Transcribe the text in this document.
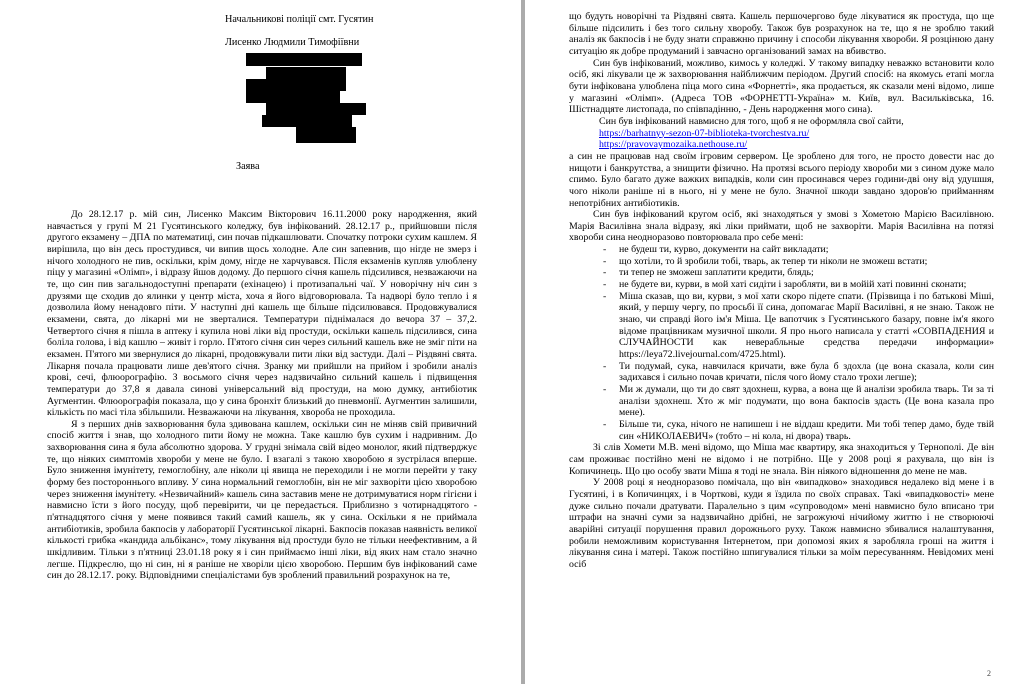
Начальникові поліції смт. Гусятин
Лисенко Людмили Тимофіївни
Заява

До 28.12.17 р. мій син, Лисенко Максим Вікторович 16.11.2000 року народження, який навчається у групі М 21 Гусятинського коледжу, був інфікований. 28.12.17 р., прийшовши після другого екзамену – ДПА по математиці, син почав підкашлювати. Спочатку потроки сухим кашлем. Я вирішила, що він десь простудився, чи випив щось холодне. Але син запевнив, що нігде не змерз і нічого холодного не пив, оскільки, крім дому, нігде не харчувався. Після екзаменів купляв улюблену піцу у магазині «Олімп», і відразу йшов додому. До першого січня кашель підсилився, незважаючи на те, що син пив загальнодоступні препарати (ехінацею) і протизапальні чаї. У новорічну ніч син з друзями ще сходив до ялинки у центр міста, хоча я його відговорювала. Та надворі було тепло і я дозволила йому ненадовго піти. У наступні дні кашель ще більше підсилювався. Продовжувалися екзамени, свята, до лікарні ми не зверталися. Температури піднімалася до вечора 37 – 37,2. Четвертого січня я пішла в аптеку і купила нові ліки від простуди, оскільки кашель підсилився, сина боліла голова, і від кашлю – живіт і горло. П'ятого січня син через сильний кашель вже не зміг піти на екзамен. П'ятого ми звернулися до лікарні, продовжували пити ліки від застуди. Далі – Різдвяні свята. Лікарня почала працювати лише дев'ятого січня. Зранку ми прийшли на прийом і зробили аналіз крові, сечі, флюорографію. З восьмого січня через надзвичайно сильний кашель і підвищення температури до 37,8 я давала синові універсальний від простуди, на мою думку, антибіотик Аугментин. Флюорографія показала, що у сина бронхіт близький до пневмонії. Аугментин залишили, кількість по масі тіла збільшили. Незважаючи на лікування, хвороба не проходила.

Я з перших днів захворювання була здивована кашлем, оскільки син не міняв свій привичний спосіб життя і знав, що холодного пити йому не можна. Таке кашлю був сухим і надривним. До захворювання сина я була абсолютно здорова. У грудні знімала свій відео монолог, який підтверджує те, що ніяких симптомів хвороби у мене не було. І взагалі з такою хворобою я зустрілася вперше. Було зниження імунітету, гемоглобіну, але ніколи ці явища не переходили і не могли перейти у таку форму без постороннього впливу. У сина нормальний гемоглобін, він не міг захворіти цією хворобою через зниження імунітету. «Незвичайний» кашель сина заставив мене не дотримуватися норм гігієни і навмисно їсти з його посуду, щоб перевірити, чи це передається. Приблизно з чотирнадцятого - п'ятнадцятого січня у мене появився такий самий кашель, як у сина. Оскільки я не приймала антибіотиків, зробила бакпосів у лабораторії Гусятинської лікарні. Бакпосів показав наявність великої кількості грибка «кандида альбіканс», тому лікування від простуди було не тільки неефективним, а й шкідливим. Тільки з п'ятниці 23.01.18 року я і син приймаємо інші ліки, від яких нам стало значно легше. Підкреслю, що ні син, ні я раніше не хворіли цією хворобою. Першим був інфікований саме син до 28.12.17. року. Відповідними спеціалістами був зроблений правильний розрахунок на те,

що будуть новорічні та Різдвяні свята. Кашель першочергово буде лікуватися як простуда, що ще більше підсилить і без того сильну хворобу. Також був розрахунок на те, що я не зроблю такий аналіз як бакпосів і не буду знати справжню причину і способи лікування хвороби. Я розцінюю дану ситуацію як добре продуманий і завчасно організований замах на вбивство.

Син був інфікований, можливо, кимось у коледжі. У такому випадку неважко встановити коло осіб, які лікували це ж захворювання найближчим періодом. Другий спосіб: на якомусь етапі могла бути інфікована улюблена піца мого сина «Форнетті», яка продається, як сказали мені відомо, лише у магазині «Олімп». (Адреса ТОВ «ФОРНЕТТІ-Україна» м. Київ, вул. Васильківська, 16. Шістнадцяте листопада, по співпадінню, - День народження мого сина).

Син був інфікований навмисно для того, щоб я не оформляла свої сайти,

https://barhatnyy-sezon-07-biblioteka-tvorchestva.ru/

https://pravovaymozaika.nethouse.ru/

а син не працював над своїм ігровим сервером. Це зроблено для того, не просто довести нас до нищоти і банкрутства, а знищити фізично. На протязі всього періоду хвороби ми з сином дуже мало спимо. Було багато дуже важких випадків, коли син просинався через години-дві ону від удушшя, чого ніколи раніше ні в нього, ні у мене не було. Значної шкоди завдано здоров'ю прийманням непотрібних антибіотиків.

Син був інфікований кругом осіб, які знаходяться у змові з Хометою Марією Василівною. Марія Василівна знала відразу, які ліки приймати, щоб не захворіти. Марія Василівна на потязі хвороби сина неодноразово повторювала про себе мені:

- не будеш ти, курво, документи на сайт викладати;
- що хотіли, то й зробили тобі, тварь, ак тепер ти ніколи не зможеш встати;
- ти тепер не зможеш заплатити кредити, блядь;
- не будете ви, курви, в мой хаті сидіти і заробляти, ви в мойій хаті повинні сконати;
- Міша сказав, що ви, курви, з мої хати скоро підете спати. (Прізвища і по батькові Міші, який, у першу чергу, по просьбі її сина, допомагає Марії Василівні, я не знаю. Також не знаю, чи справді його ім'я Міша. Це вапотчик з Гусятинського базару, повне ім'я якого відоме працівникам музичної школи. Я про нього написала у статті «СОВПАДЕНИЯ и СЛУЧАЙНОСТИ как неверабльные средства передачи информации» https://leya72.livejournal.com/4725.html).
- Ти подумай, сука, навчилася кричати, вже була б здохла (це вона сказала, коли син задихався і сильно почав кричати, після чого йому стало трохи легше);
- Ми ж думали, що ти до свят здохнеш, курва, а вона ще й аналізи зробила тварь. Ти за ті аналізи здохнеш. Хто ж міг подумати, що вона бакпосів здасть (Це вона казала про мене).
- Більше ти, сука, нічого не напишеш і не віддаш кредити. Ми тобі тепер дамо, буде твій син «НИКОЛАЕВИЧ» (тобто – ні кола, ні двора) тварь.

Зі слів Хомети М.В. мені відомо, що Міша має квартиру, яка знаходиться у Тернополі. Де він сам проживає постійно мені не відомо і не потрібно. Ще у 2008 році я рахувала, що він із Копичинець. Що цю особу звати Міша я тоді не знала. Він ніякого відношення до мене не мав.

У 2008 році я неодноразово помічала, що він «випадково» знаходився недалеко від мене і в Гусятині, і в Копичинцях, і в Чорткові, куди я їздила по своїх справах. Такі «випадковості» мене дуже сильно почали дратувати. Паралельно з цим «супроводом» мені навмисно було вписано три штрафи на значні суми за надзвичайно дрібні, не загрожуючі нічийому життю і не створюючі аварійні ситуації порушення правил дорожнього руху. Також навмисно збивалися налаштування, робили неможливим користування Інтернетом, при допомозі яких я заробляла гроші на життя і лікування сина і матері. Також постійно шпигувалися тільки за моїм пересуванням. Невідомих мені осіб

2
